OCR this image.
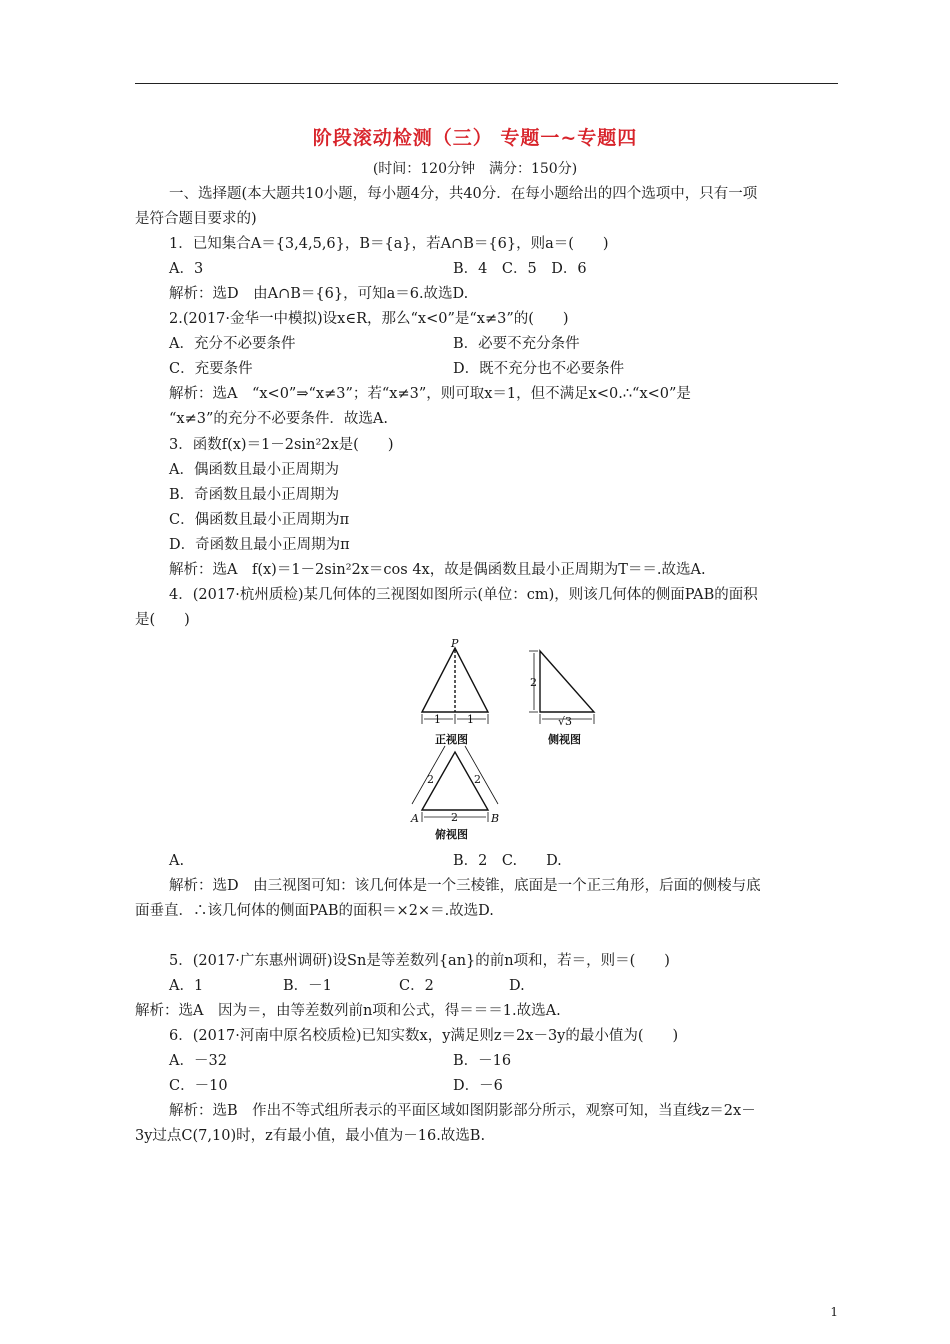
阶段滚动检测（三） 专题一~专题四
(时间：120分钟　满分：150分)
一、选择题(本大题共10小题，每小题4分，共40分．在每小题给出的四个选项中，只有一项
是符合题目要求的)
1．已知集合A＝{3,4,5,6}，B＝{a}，若A∩B＝{6}，则a＝(　　)
A．3	B．4　C．5　D．6
解析：选D　由A∩B＝{6}，可知a＝6.故选D.
2.(2017·金华一中模拟)设x∈R，那么“x<0”是“x≠3”的(　　)
A．充分不必要条件	B．必要不充分条件
C．充要条件	D．既不充分也不必要条件
解析：选A　“x<0”⇒“x≠3”；若“x≠3”，则可取x＝1，但不满足x<0.∴“x<0”是
“x≠3”的充分不必要条件．故选A.
3．函数f(x)＝1－2sin²2x是(　　)
A．偶函数且最小正周期为
B．奇函数且最小正周期为
C．偶函数且最小正周期为π
D．奇函数且最小正周期为π
解析：选A　f(x)＝1－2sin²2x＝cos 4x，故是偶函数且最小正周期为T＝＝.故选A.
4．(2017·杭州质检)某几何体的三视图如图所示(单位：cm)，则该几何体的侧面PAB的面积
是(　　)
P
1 1
2
√3
2	2
2
A	B
正视图	侧视图
俯视图
A.	B．2　C.　　D.
解析：选D　由三视图可知：该几何体是一个三棱锥，底面是一个正三角形，后面的侧棱与底
面垂直．∴该几何体的侧面PAB的面积＝×2×＝.故选D.
5．(2017·广东惠州调研)设Sn是等差数列{an}的前n项和，若＝，则＝(　　)
A．1	B．－1	C．2	D.
解析：选A　因为＝，由等差数列前n项和公式，得＝＝＝1.故选A.
6．(2017·河南中原名校质检)已知实数x，y满足则z＝2x－3y的最小值为(　　)
A．－32	B．－16
C．－10	D．－6
解析：选B　作出不等式组所表示的平面区域如图阴影部分所示，观察可知，当直线z＝2x－
3y过点C(7,10)时，z有最小值，最小值为－16.故选B.
1
